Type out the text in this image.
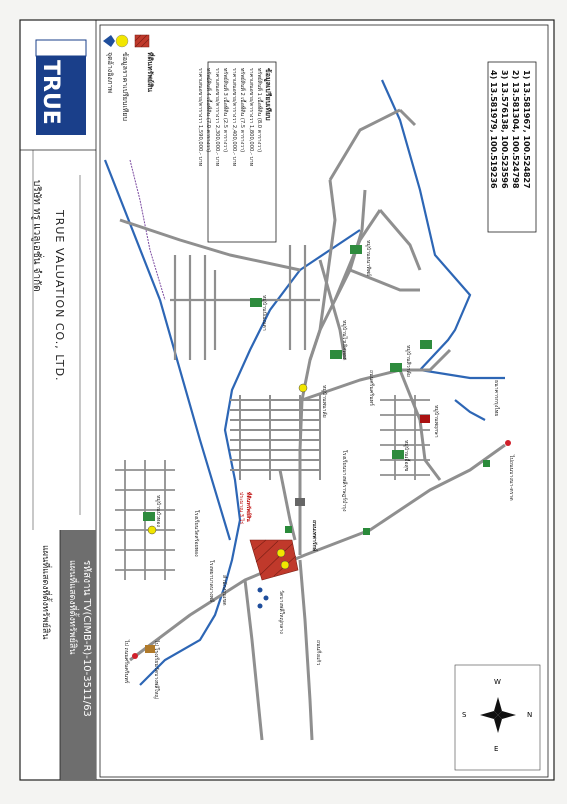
TRUE
บริษัท ทรู แวลูเอชั่น จำกัด TRUE VALUATION CO., LTD.
รหัสงาน TV(CIMB-R)-10-3511/63
แผนที่แสดงที่ตั้งทรัพย์สิน
แผนที่แสดงที่ตั้งทรัพย์สิน
ที่ดินทรัพย์สิน
ข้อมูลราคาเปรียบเทียบ
จุดอ้างอิงภาพ	ข้อมูลเปรียบเทียบ
ทรัพย์สินที่ 1 เนื้อที่ดิน (8.0 ตารางวา)
ราคาเสนอขาย/ตารางวา 1,800,000.- บาท
ทรัพย์สินที่ 2 เนื้อที่ดิน (7.5 ตารางวา)
ราคาเสนอขาย/ตารางวา 2,400,000.- บาท
ทรัพย์สินที่ 3 เนื้อที่ดิน (2.5 ตารางวา)
ราคาเสนอขาย/ตารางวา 2,300,000.- บาท
ทรัพย์สินที่ 4 เนื้อที่ดิน (7.0 ตารางวา)
ราคาเสนอขาย/ตารางวา 1,590,000.- บาท	1) 13.581967, 100.524827
2) 13.581304, 100.524798
3) 13.576138, 100.523596
4) 13.581979, 100.519236
หมู่บ้านธนาทิพย์
หมู่บ้านปัณณดา
หมู่บ้านไวเลิศทอง
หมู่บ้านสิวาลัย
หมู่บ้านพฤกษา
หมู่บ้านเอื้อสุข
หมู่บ้านพนาลัย
หมู่บ้านบัวทอง	โรงเรียนบางพลีราษฎร์บำรุง
โรงเรียนวัดสร้อยทอง
โรงพยาบาลบางพลี
วัดบางพลีใหญ่กลาง
ถนนเทพารักษ์
ถนนกิ่งแก้ว
ถนนศรีนครินทร์
ที่ดินทรัพย์สิน
ประมาณ 3 ไร่
ธนาคารกรุงไทย
ไปถนนบางนา-ตราด
ไป ถนนศรีนครินทร์	ไป โรงเรียนวัดบางพลีใหญ่
สำนักงานเขต
W
E
N
S
